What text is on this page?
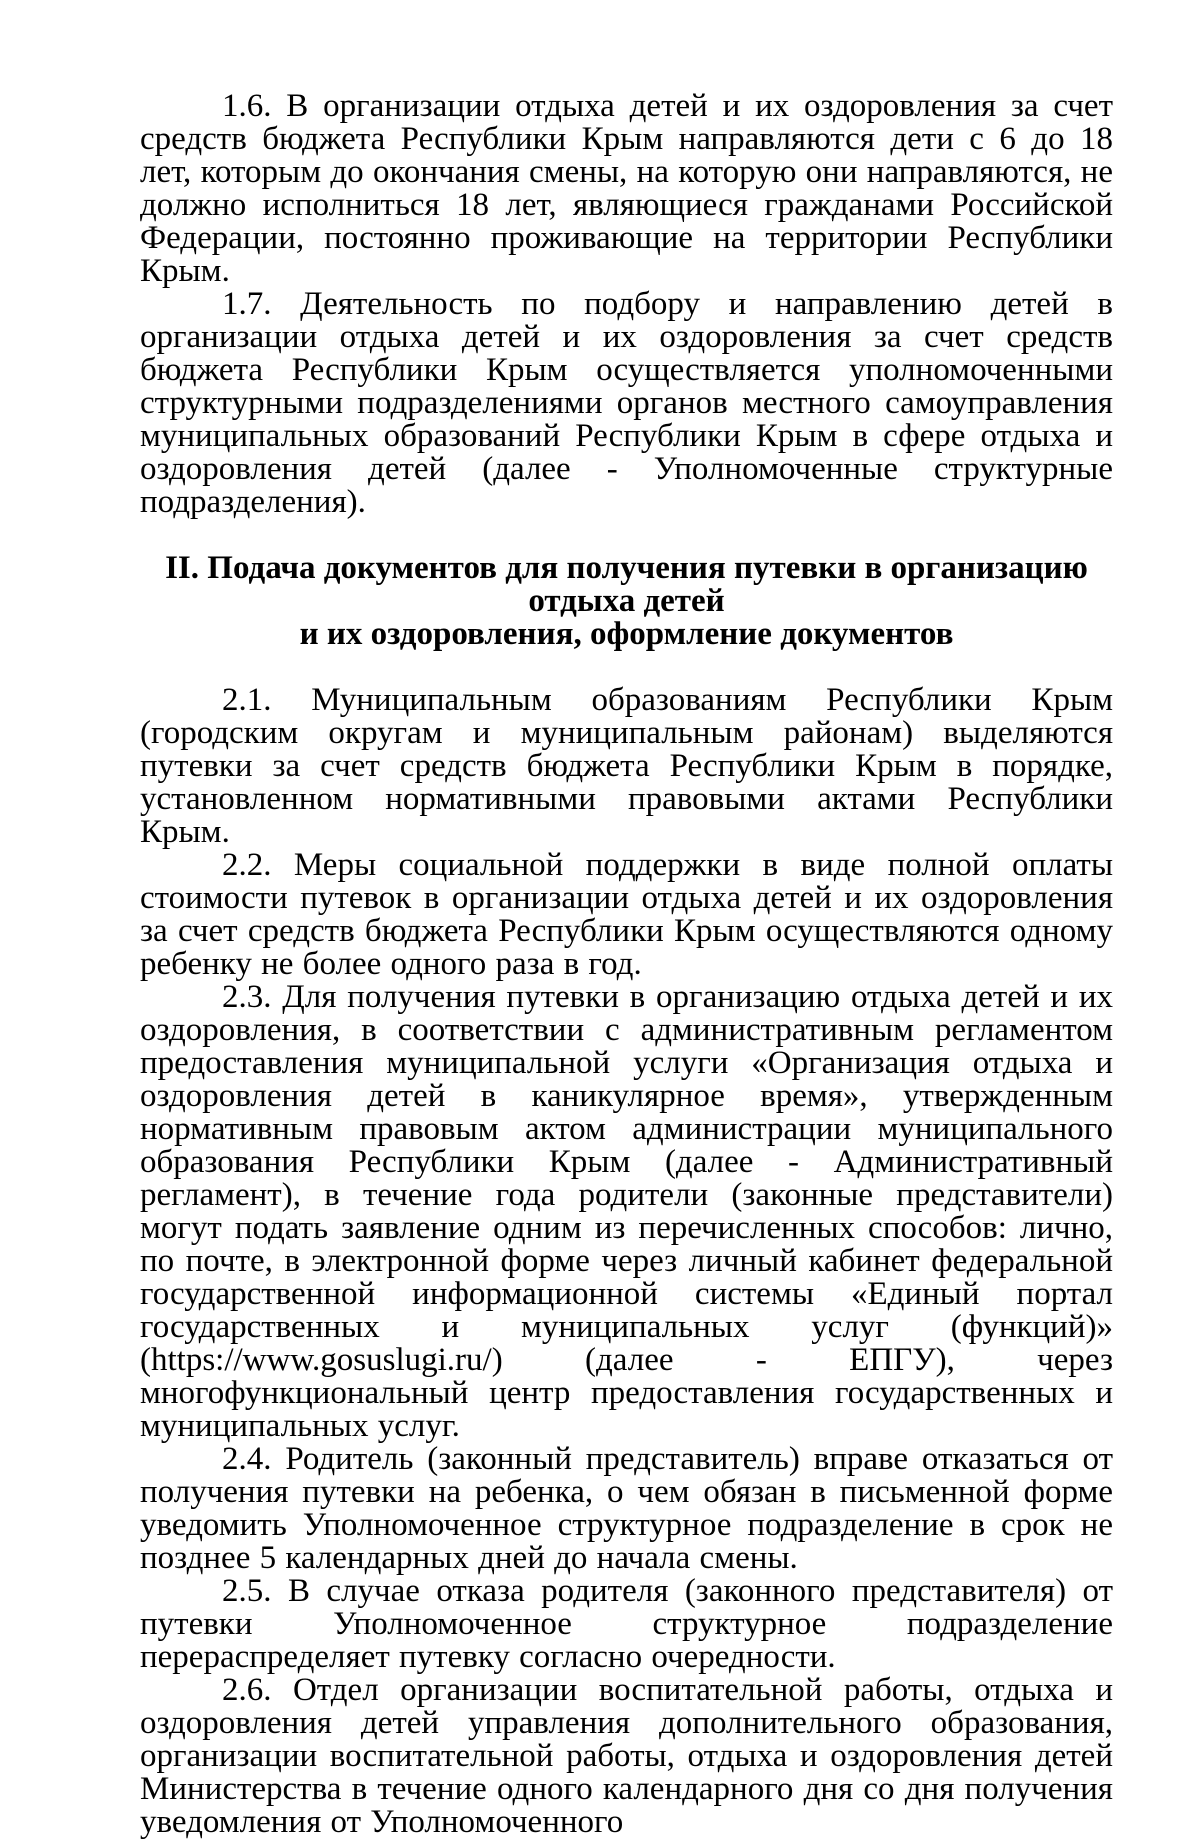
1.6. В организации отдыха детей и их оздоровления за счет средств бюджета Республики Крым направляются дети с 6 до 18 лет, которым до окончания смены, на которую они направляются, не должно исполниться 18 лет, являющиеся гражданами Российской Федерации, постоянно проживающие на территории Республики Крым.

1.7. Деятельность по подбору и направлению детей в организации отдыха детей и их оздоровления за счет средств бюджета Республики Крым осуществляется уполномоченными структурными подразделениями органов местного самоуправления муниципальных образований Республики Крым в сфере отдыха и оздоровления детей (далее - Уполномоченные структурные подразделения).

II. Подача документов для получения путевки в организацию отдыха детей
и их оздоровления, оформление документов

2.1. Муниципальным образованиям Республики Крым (городским округам и муниципальным районам) выделяются путевки за счет средств бюджета Республики Крым в порядке, установленном нормативными правовыми актами Республики Крым.

2.2. Меры социальной поддержки в виде полной оплаты стоимости путевок в организации отдыха детей и их оздоровления за счет средств бюджета Республики Крым осуществляются одному ребенку не более одного раза в год.

2.3. Для получения путевки в организацию отдыха детей и их оздоровления, в соответствии с административным регламентом предоставления муниципальной услуги «Организация отдыха и оздоровления детей в каникулярное время», утвержденным нормативным правовым актом администрации муниципального образования Республики Крым (далее - Административный регламент), в течение года родители (законные представители) могут подать заявление одним из перечисленных способов: лично, по почте, в электронной форме через личный кабинет федеральной государственной информационной системы «Единый портал государственных и муниципальных услуг (функций)» (https://www.gosuslugi.ru/) (далее - ЕПГУ), через многофункциональный центр предоставления государственных и муниципальных услуг.

2.4. Родитель (законный представитель) вправе отказаться от получения путевки на ребенка, о чем обязан в письменной форме уведомить Уполномоченное структурное подразделение в срок не позднее 5 календарных дней до начала смены.

2.5. В случае отказа родителя (законного представителя) от путевки Уполномоченное структурное подразделение перераспределяет путевку согласно очередности.

2.6. Отдел организации воспитательной работы, отдыха и оздоровления детей управления дополнительного образования, организации воспитательной работы, отдыха и оздоровления детей Министерства в течение одного календарного дня со дня получения уведомления от Уполномоченного
